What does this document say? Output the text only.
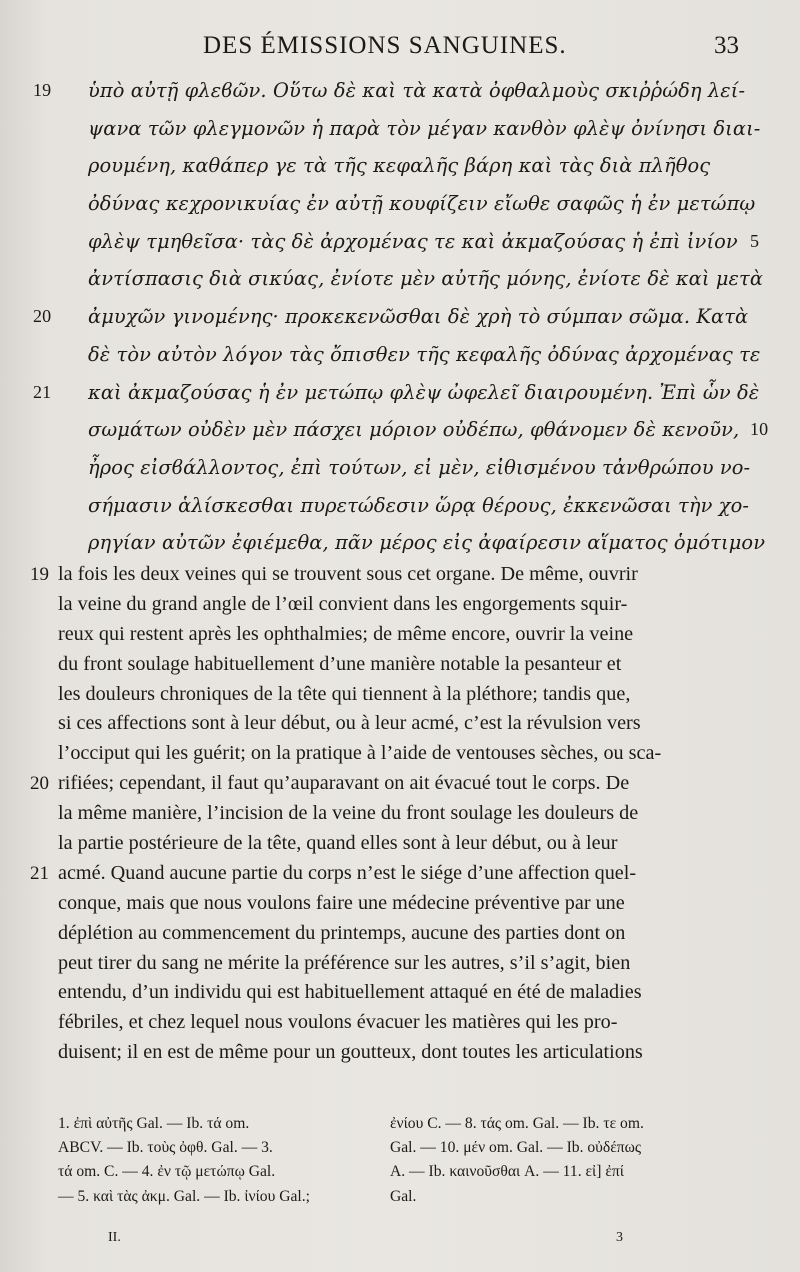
DES ÉMISSIONS SANGUINES.	33
19 ὑπὸ αὐτῇ φλεϐῶν. Οὕτω δὲ καὶ τὰ κατὰ ὀφθαλμοὺς σκιῤῥώδη λεί-
ψανα τῶν φλεγμονῶν ἡ παρὰ τὸν μέγαν κανθὸν φλὲψ ὀνίνησι διαι-
ρουμένη, καθάπερ γε τὰ τῆς κεφαλῆς βάρη καὶ τὰς διὰ πλῆθος
ὀδύνας κεχρονικυίας ἐν αὐτῇ κουφίζειν εἴωθε σαφῶς ἡ ἐν μετώπῳ
φλὲψ τμηθεῖσα· τὰς δὲ ἀρχομένας τε καὶ ἀκμαζούσας ἡ ἐπὶ ἰνίον 5
ἀντίσπασις διὰ σικύας, ἐνίοτε μὲν αὐτῆς μόνης, ἐνίοτε δὲ καὶ μετὰ
20 ἀμυχῶν γινομένης· προκεκενῶσθαι δὲ χρὴ τὸ σύμπαν σῶμα. Κατὰ
δὲ τὸν αὐτὸν λόγον τὰς ὄπισθεν τῆς κεφαλῆς ὀδύνας ἀρχομένας τε
21 καὶ ἀκμαζούσας ἡ ἐν μετώπῳ φλὲψ ὠφελεῖ διαιρουμένη. Ἐπὶ ὧν δὲ
σωμάτων οὐδὲν μὲν πάσχει μόριον οὐδέπω, φθάνομεν δὲ κενοῦν, 10
ἦρος εἰσϐάλλοντος, ἐπὶ τούτων, εἰ μὲν, εἰθισμένου τἀνθρώπου νο-
σήμασιν ἁλίσκεσθαι πυρετώδεσιν ὥρᾳ θέρους, ἐκκενῶσαι τὴν χο-
ρηγίαν αὐτῶν ἐφιέμεθα, πᾶν μέρος εἰς ἀφαίρεσιν αἵματος ὁμότιμον
19 la fois les deux veines qui se trouvent sous cet organe. De même, ouvrir
la veine du grand angle de l’œil convient dans les engorgements squir-
reux qui restent après les ophthalmies; de même encore, ouvrir la veine
du front soulage habituellement d’une manière notable la pesanteur et
les douleurs chroniques de la tête qui tiennent à la pléthore; tandis que,
si ces affections sont à leur début, ou à leur acmé, c’est la révulsion vers
l’occiput qui les guérit; on la pratique à l’aide de ventouses sèches, ou sca-
20 rifiées; cependant, il faut qu’auparavant on ait évacué tout le corps. De
la même manière, l’incision de la veine du front soulage les douleurs de
la partie postérieure de la tête, quand elles sont à leur début, ou à leur
21 acmé. Quand aucune partie du corps n’est le siége d’une affection quel-
conque, mais que nous voulons faire une médecine préventive par une
déplétion au commencement du printemps, aucune des parties dont on
peut tirer du sang ne mérite la préférence sur les autres, s’il s’agit, bien
entendu, d’un individu qui est habituellement attaqué en été de maladies
fébriles, et chez lequel nous voulons évacuer les matières qui les pro-
duisent; il en est de même pour un goutteux, dont toutes les articulations
1. ἐπὶ αὐτῆς Gal. — Ib. τά om.
ABCV. — Ib. τοὺς ὀφθ. Gal. — 3.
τά om. C. — 4. ἐν τῷ μετώπῳ Gal.
— 5. καὶ τὰς ἀκμ. Gal. — Ib. ἰνίου Gal.;
ἐνίου C. — 8. τάς om. Gal. — Ib. τε om.
Gal. — 10. μέν om. Gal. — Ib. οὐδέπως
A. — Ib. καινοῦσθαι A. — 11. εἰ] ἐπί
Gal.
II.	3
